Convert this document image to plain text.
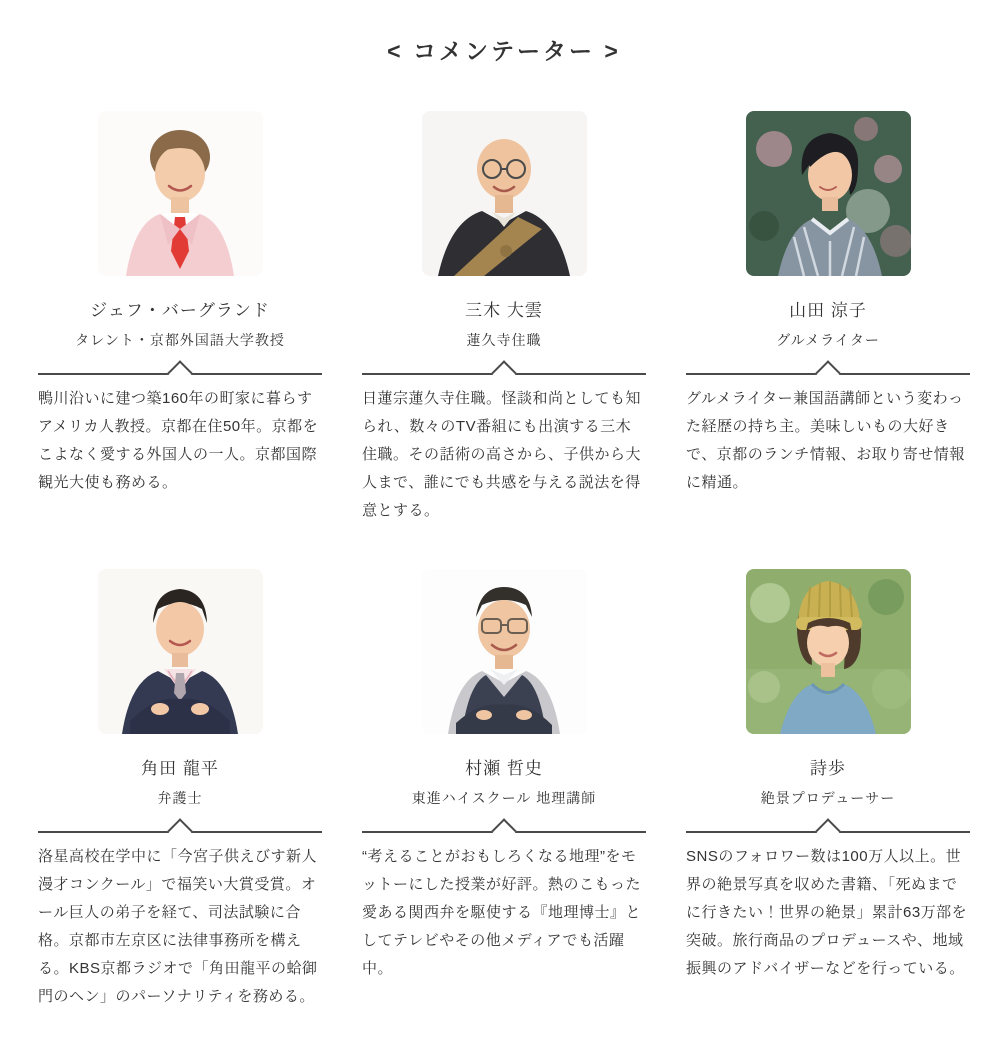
< コメンテーター >
ジェフ・バーグランド

タレント・京都外国語大学教授

鴨川沿いに建つ築160年の町家に暮らすアメリカ人教授。京都在住50年。京都をこよなく愛する外国人の一人。京都国際観光大使も務める。

三木 大雲

蓮久寺住職

日蓮宗蓮久寺住職。怪談和尚としても知られ、数々のTV番組にも出演する三木住職。その話術の高さから、子供から大人まで、誰にでも共感を与える説法を得意とする。

山田 涼子

グルメライター

グルメライター兼国語講師という変わった経歴の持ち主。美味しいもの大好きで、京都のランチ情報、お取り寄せ情報に精通。

角田 龍平

弁護士

洛星高校在学中に「今宮子供えびす新人漫才コンクール」で福笑い大賞受賞。オール巨人の弟子を経て、司法試験に合格。京都市左京区に法律事務所を構える。KBS京都ラジオで「角田龍平の蛤御門のヘン」のパーソナリティを務める。

村瀬 哲史

東進ハイスクール 地理講師

“考えることがおもしろくなる地理”をモットーにした授業が好評。熱のこもった愛ある関西弁を駆使する『地理博士』としてテレビやその他メディアでも活躍中。

詩歩

絶景プロデューサー

SNSのフォロワー数は100万人以上。世界の絶景写真を収めた書籍、「死ぬまでに行きたい！世界の絶景」累計63万部を突破。旅行商品のプロデュースや、地域振興のアドバイザーなどを行っている。
